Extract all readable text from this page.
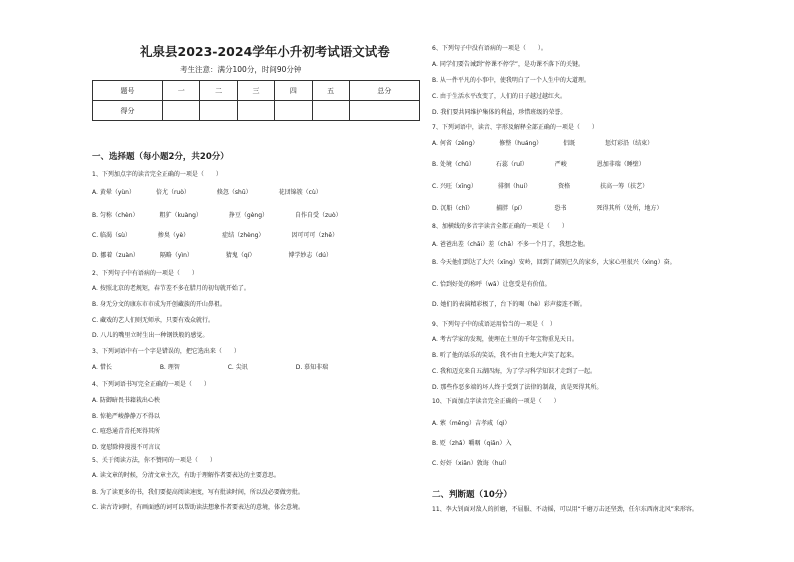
礼泉县2023-2024学年小升初考试语文试卷
考生注意：满分100分，时间90分钟
题号	一	二	三	四	五	总分
得分						
一、选择题（每小题2分，共20分）
1、下列加点字的读音完全正确的一项是（　　）
A. 黄晕（yùn）　　　　倍尤（ruò）　　　　　倏忽（shū）　　　　　花団锦簇（cù）
B. 匀称（chèn）　　　　粗犷（kuàng）　　　　　挣豆（gèng）　　　　　自作自受（zuò）
C. 临渴（sù）　　　　　掺臭（yè）　　　　　　症结（zhèng）　　　　　因可可可（zhě）
D. 挪着（zuàn）　　　　隔略（yìn）　　　　　　猜鬼（qí）　　　　　　博学妙志（dú）
2、下列句子中有语病的一项是（　　）
A. 按照北京的老规矩，春节差不多在腊月的初旬就开始了。
B. 身无分文的康东市市成为开创藏族的开山鼻祖。
C. 藏戏的艺人们则无师承，只要有戏众就行。
D. 八儿的嘴里立时生出一种钢铁般的感觉。
3、下列词语中有一个字是错误的，把它选出来（　　）
A. 惜长　　　　　　　　B. 理智　　　　　　　　C. 尖讯　　　　　　　　D. 慕知非瑞
4、下列词语书写完全正确的一项是（　　）
A. 防御暗畏书籍栽出心秧
B. 惊艳严峻静静万不得以
C. 喧恐通青青托死得其所
D. 宽慰除抑漫漫不可言议
5、关于阅读方法，你不赞同的一项是（　　）
A. 读文章的时候，分清文章主次，有助于理解作者要表达的主要意思。
B. 为了读更多的书，我们要提高阅读速度，写有批读时间，所以没必要做旁批。
C. 读古诗词时，有画面感的词可以帮助读法想象作者要表达的意境，体会意境。
6、下列句子中没有语病的一项是（　　）。
A. 同学们要告诫到“停课不停学”，是功课不落下的关键。
B. 从一件平凡的小事中，使我明白了一个人生中的大道理。
C. 由于生活水平改变了，人们的日子越过越红火。
D. 我们要共同维护集体的利益，珍惜班级的荣誉。
7、下列词语中，读音、字形及解释全部正确的一项是（　　）
A. 何省（zěng）　　　　修整（huáng）　　　　侣既　　　　　惩灯彩沿（结束）
B. 处境（chǔ）　　　　石蕊（ruǐ）　　　　　严峻　　　　　恩加非瑞（睡壁）
C. 兴旺（xīng）　　　　徘徊（huí）　　　　　资格　　　　　扶高一筹（扶艺）
D. 沉船（chǐ）　　　　 捕胖（pí）　　　　　 恐书　　　　　死得其所（处所，地方）
8、加横线的多音字读音全都正确的一项是（　　）
A. 爸爸出差（chāi）差（chā）不多一个月了，我想念他。
B. 今天他们到达了大兴（xīng）安岭，回到了阔别已久的家乡，大家心里很兴（xìng）奋。
C. 恰到好处的称呼（wā）让您受是有价值。
D. 她们的表演精彩极了，台下的喝（hè）彩声接连不断。
9、下列句子中的成语运用恰当的一项是（　）
A. 考古学家的发现，使埋在土里的千年宝物重见天日。
B. 听了他的话乐的笑话，我不由自主地大声笑了起来。
C. 我和迈克来自五湖四海，为了学习科学知识才走到了一起。
D. 那些作恶多端的坏人终于受到了法律的制裁，真是死得其所。
10、下面加点字读音完全正确的一项是（　　）
A. 萦（měng）吉孝咸（qì）
B. 贬（zhǎ）嚼咽（qiān）入
C. 好奸（xiān）敦诲（huí）
二、判断题（10分）
11、李大钊面对敌人的折磨，不屈服、不动摇，可以用“千磨万击还坚劲，任尔东西南北风”来形容。
